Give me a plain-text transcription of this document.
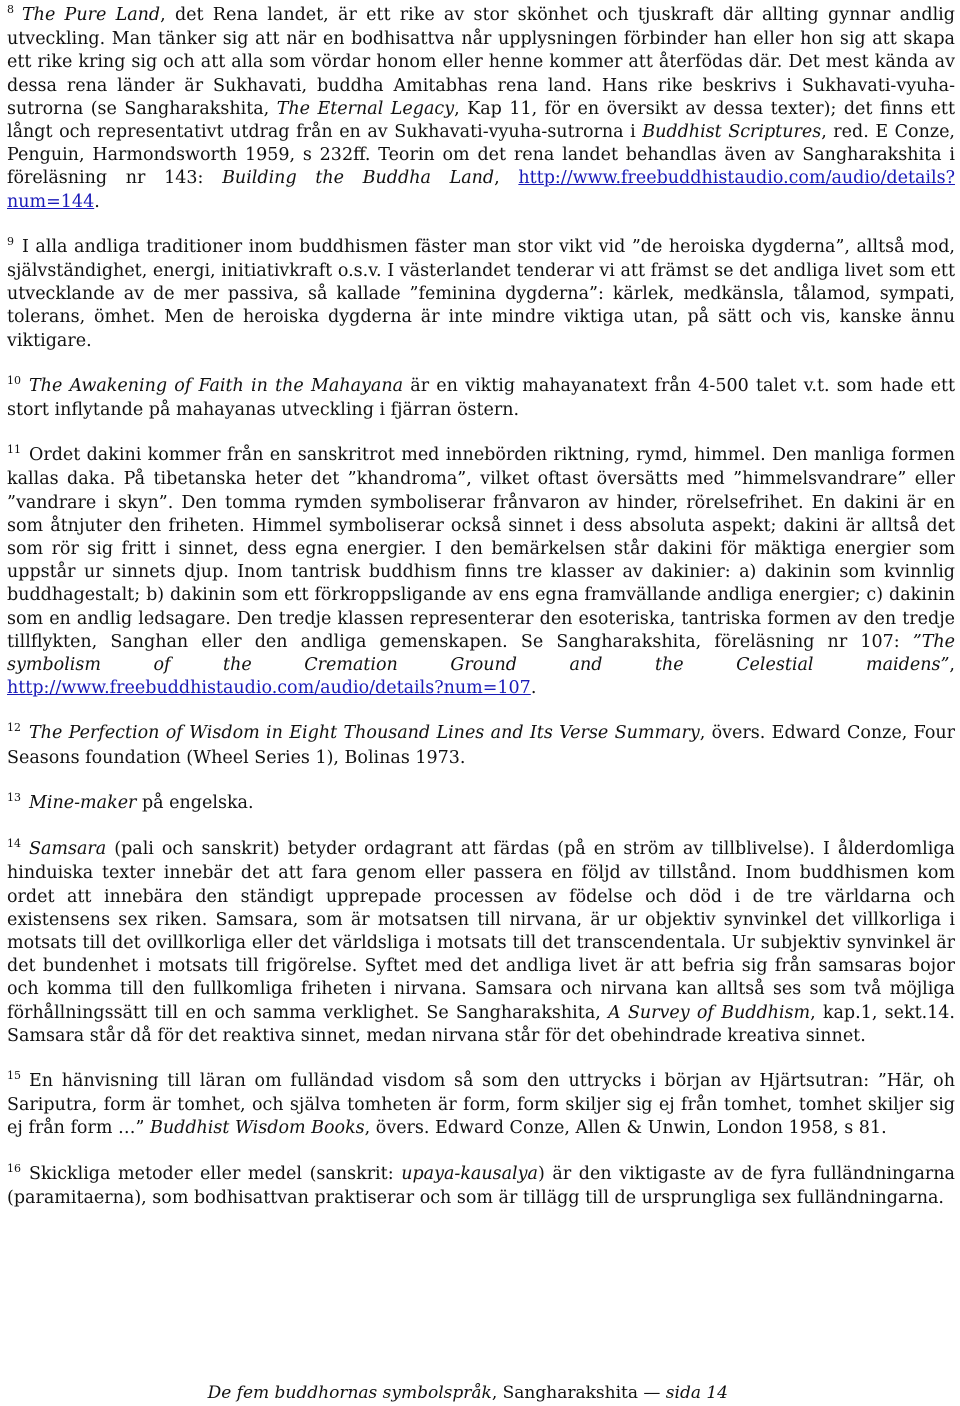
$^8$ The Pure Land, det Rena landet, är ett rike av stor skönhet och tjuskraft där allting gynnar andlig utveckling. Man tänker sig att när en bodhisattva når upplysningen förbinder han eller hon sig att skapa ett rike kring sig och att alla som vördar honom eller henne kommer att återfödas där. Det mest kända av dessa rena länder är Sukhavati, buddha Amitabhas rena land. Hans rike beskrivs i Sukhavati-vyuha-sutrorna (se Sangharakshita, The Eternal Legacy, Kap 11, för en översikt av dessa texter); det finns ett långt och representativt utdrag från en av Sukhavati-vyuha-sutrorna i Buddhist Scriptures, red. E Conze, Penguin, Harmondsworth 1959, s 232ff. Teorin om det rena landet behandlas även av Sangharakshita i föreläsning nr 143: Building the Buddha Land, http://www.freebuddhistaudio.com/audio/details?num=144.

$^9$ I alla andliga traditioner inom buddhismen fäster man stor vikt vid ”de heroiska dygderna”, alltså mod, självständighet, energi, initiativkraft o.s.v. I västerlandet tenderar vi att främst se det andliga livet som ett utvecklande av de mer passiva, så kallade ”feminina dygderna”: kärlek, medkänsla, tålamod, sympati, tolerans, ömhet. Men de heroiska dygderna är inte mindre viktiga utan, på sätt och vis, kanske ännu viktigare.

$^{10}$ The Awakening of Faith in the Mahayana är en viktig mahayanatext från 4-500 talet v.t. som hade ett stort inflytande på mahayanas utveckling i fjärran östern.

$^{11}$ Ordet dakini kommer från en sanskritrot med innebörden riktning, rymd, himmel. Den manliga formen kallas daka. På tibetanska heter det ”khandroma”, vilket oftast översätts med ”himmelsvandrare” eller ”vandrare i skyn”. Den tomma rymden symboliserar frånvaron av hinder, rörelsefrihet. En dakini är en som åtnjuter den friheten. Himmel symboliserar också sinnet i dess absoluta aspekt; dakini är alltså det som rör sig fritt i sinnet, dess egna energier. I den bemärkelsen står dakini för mäktiga energier som uppstår ur sinnets djup. Inom tantrisk buddhism finns tre klasser av dakinier: a) dakinin som kvinnlig buddhagestalt; b) dakinin som ett förkroppsligande av ens egna framvällande andliga energier; c) dakinin som en andlig ledsagare. Den tredje klassen representerar den esoteriska, tantriska formen av den tredje tillflykten, Sanghan eller den andliga gemenskapen. Se Sangharakshita, föreläsning nr 107: ”The symbolism of the Cremation Ground and the Celestial maidens”, http://www.freebuddhistaudio.com/audio/details?num=107.

$^{12}$ The Perfection of Wisdom in Eight Thousand Lines and Its Verse Summary, övers. Edward Conze, Four Seasons foundation (Wheel Series 1), Bolinas 1973.

$^{13}$ Mine-maker på engelska.

$^{14}$ Samsara (pali och sanskrit) betyder ordagrant att färdas (på en ström av tillblivelse). I ålderdomliga hinduiska texter innebär det att fara genom eller passera en följd av tillstånd. Inom buddhismen kom ordet att innebära den ständigt upprepade processen av födelse och död i de tre världarna och existensens sex riken. Samsara, som är motsatsen till nirvana, är ur objektiv synvinkel det villkorliga i motsats till det ovillkorliga eller det världsliga i motsats till det transcendentala. Ur subjektiv synvinkel är det bundenhet i motsats till frigörelse. Syftet med det andliga livet är att befria sig från samsaras bojor och komma till den fullkomliga friheten i nirvana. Samsara och nirvana kan alltså ses som två möjliga förhållningssätt till en och samma verklighet. Se Sangharakshita, A Survey of Buddhism, kap.1, sekt.14. Samsara står då för det reaktiva sinnet, medan nirvana står för det obehindrade kreativa sinnet.

$^{15}$ En hänvisning till läran om fulländad visdom så som den uttrycks i början av Hjärtsutran: ”Här, oh Sariputra, form är tomhet, och själva tomheten är form, form skiljer sig ej från tomhet, tomhet skiljer sig ej från form …” Buddhist Wisdom Books, övers. Edward Conze, Allen & Unwin, London 1958, s 81.

$^{16}$ Skickliga metoder eller medel (sanskrit: upaya-kausalya) är den viktigaste av de fyra fulländningarna (paramitaerna), som bodhisattvan praktiserar och som är tillägg till de ursprungliga sex fulländningarna.

De fem buddhornas symbolspråk, Sangharakshita — sida 14
